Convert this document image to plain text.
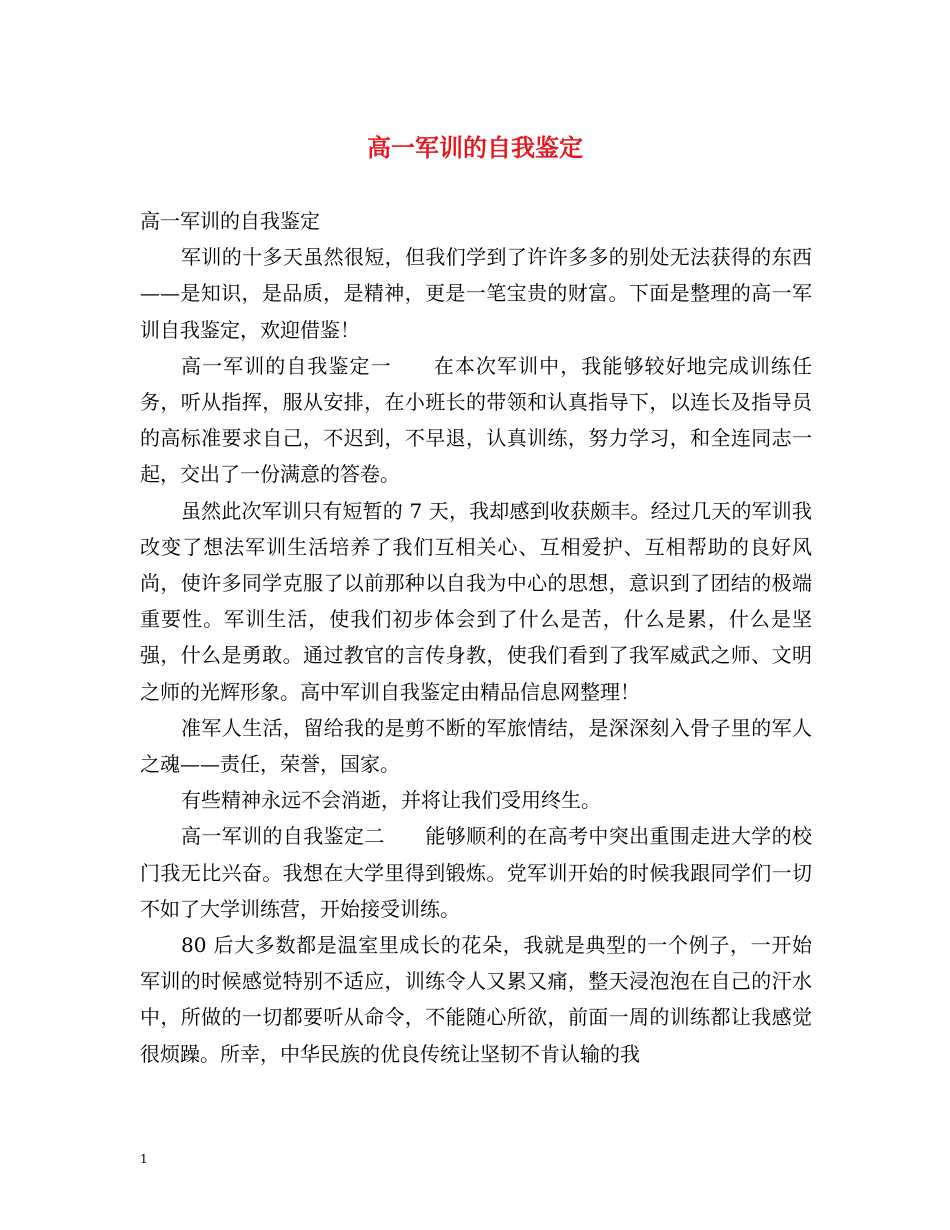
高一军训的自我鉴定

高一军训的自我鉴定

军训的十多天虽然很短，但我们学到了许许多多的别处无法获得的东西——是知识，是品质，是精神，更是一笔宝贵的财富。下面是整理的高一军训自我鉴定，欢迎借鉴！

高一军训的自我鉴定一　　在本次军训中，我能够较好地完成训练任务，听从指挥，服从安排，在小班长的带领和认真指导下，以连长及指导员的高标准要求自己，不迟到，不早退，认真训练，努力学习，和全连同志一起，交出了一份满意的答卷。

虽然此次军训只有短暂的 7 天，我却感到收获颇丰。经过几天的军训我改变了想法军训生活培养了我们互相关心、互相爱护、互相帮助的良好风尚，使许多同学克服了以前那种以自我为中心的思想，意识到了团结的极端重要性。军训生活，使我们初步体会到了什么是苦，什么是累，什么是坚强，什么是勇敢。通过教官的言传身教，使我们看到了我军威武之师、文明之师的光辉形象。高中军训自我鉴定由精品信息网整理！

准军人生活，留给我的是剪不断的军旅情结，是深深刻入骨子里的军人之魂——责任，荣誉，国家。

有些精神永远不会消逝，并将让我们受用终生。

高一军训的自我鉴定二　　能够顺利的在高考中突出重围走进大学的校门我无比兴奋。我想在大学里得到锻炼。党军训开始的时候我跟同学们一切不如了大学训练营，开始接受训练。

80 后大多数都是温室里成长的花朵，我就是典型的一个例子，一开始军训的时候感觉特别不适应，训练令人又累又痛，整天浸泡泡在自己的汗水中，所做的一切都要听从命令，不能随心所欲，前面一周的训练都让我感觉很烦躁。所幸，中华民族的优良传统让坚韧不肯认输的我

1
